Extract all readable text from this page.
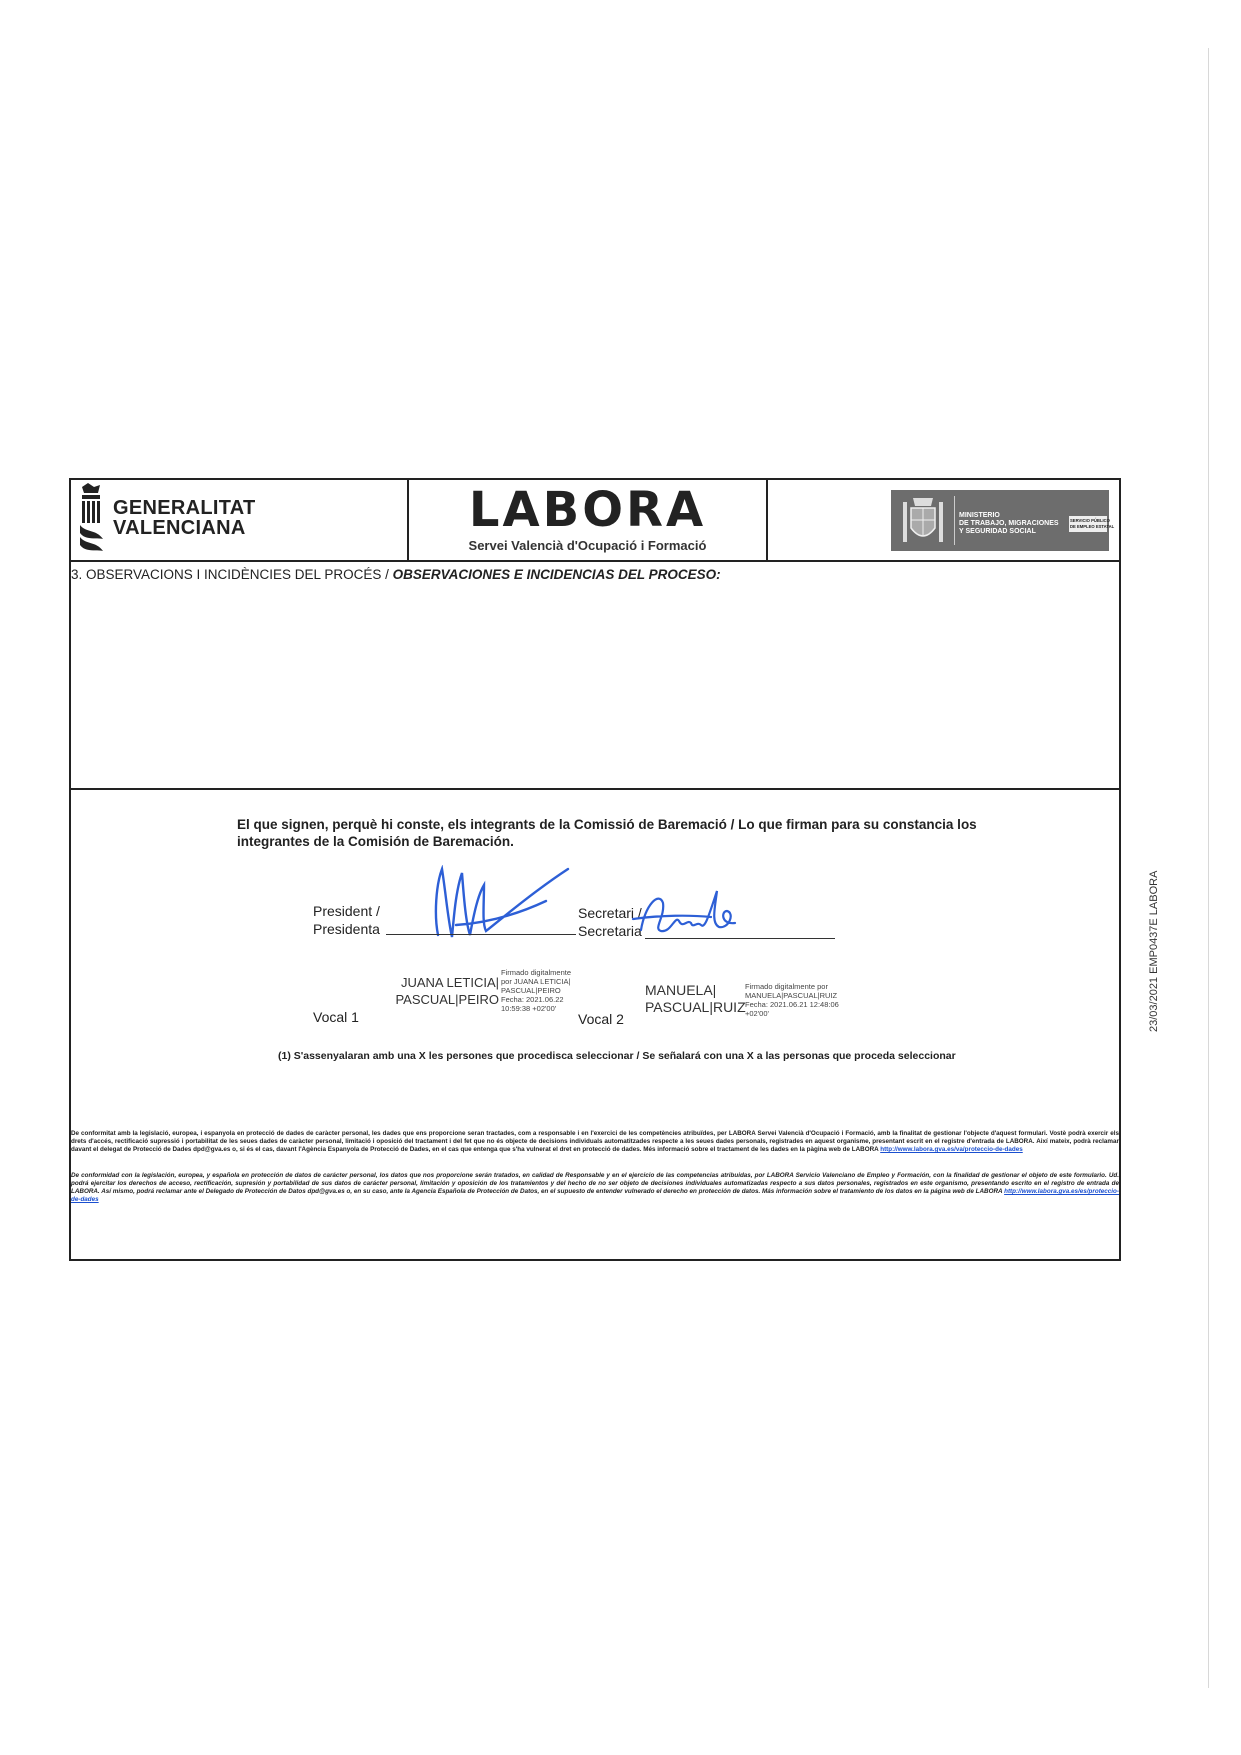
23/03/2021 EMP0437E LABORA
GENERALITAT
VALENCIANA	LABORA
Servei Valencià d'Ocupació i Formació
MINISTERIO
DE TRABAJO, MIGRACIONES
Y SEGURIDAD SOCIAL
SERVICIO PÚBLICO
DE EMPLEO ESTATAL
3. OBSERVACIONS I INCIDÈNCIES DEL PROCÉS / OBSERVACIONES E INCIDENCIAS DEL PROCESO:
El que signen, perquè hi conste, els integrants de la Comissió de Baremació / Lo que firman para su constancia los
integrantes de la Comisión de Baremación.
President /
Presidenta
Secretari /
Secretaria
Vocal 1
JUANA LETICIA|
PASCUAL|PEIRO
Firmado digitalmente
por JUANA LETICIA|
PASCUAL|PEIRO
Fecha: 2021.06.22
10:59:38 +02'00'
Vocal 2
MANUELA|
PASCUAL|RUIZ
Firmado digitalmente por
MANUELA|PASCUAL|RUIZ
Fecha: 2021.06.21 12:48:06
+02'00'
(1) S'assenyalaran amb una X les persones que procedisca seleccionar / Se señalará con una X a las personas que proceda seleccionar
De conformitat amb la legislació, europea, i espanyola en protecció de dades de caràcter personal, les dades que ens proporcione seran tractades, com a responsable i en l'exercici de les competències atribuïdes, per LABORA Servei Valencià d'Ocupació i Formació, amb la finalitat de gestionar l'objecte d'aquest formulari. Vostè podrà exercir els drets d'accés, rectificació supressió i portabilitat de les seues dades de caràcter personal, limitació i oposició del tractament i del fet que no és objecte de decisions individuals automatitzades respecte a les seues dades personals, registrades en aquest organisme, presentant escrit en el registre d'entrada de LABORA. Així mateix, podrà reclamar davant el delegat de Protecció de Dades dpd@gva.es o, si és el cas, davant l'Agència Espanyola de Protecció de Dades, en el cas que entenga que s'ha vulnerat el dret en protecció de dades. Més informació sobre el tractament de les dades en la pàgina web de LABORA http://www.labora.gva.es/va/proteccio-de-dades
De conformidad con la legislación, europea, y española en protección de datos de carácter personal, los datos que nos proporcione serán tratados, en calidad de Responsable y en el ejercicio de las competencias atribuidas, por LABORA Servicio Valenciano de Empleo y Formación, con la finalidad de gestionar el objeto de este formulario. Ud. podrá ejercitar los derechos de acceso, rectificación, supresión y portabilidad de sus datos de carácter personal, limitación y oposición de los tratamientos y del hecho de no ser objeto de decisiones individuales automatizadas respecto a sus datos personales, registrados en este organismo, presentando escrito en el registro de entrada de LABORA. Así mismo, podrá reclamar ante el Delegado de Protección de Datos dpd@gva.es o, en su caso, ante la Agencia Española de Protección de Datos, en el supuesto de entender vulnerado el derecho en protección de datos. Más información sobre el tratamiento de los datos en la página web de LABORA http://www.labora.gva.es/es/proteccio-de-dades
